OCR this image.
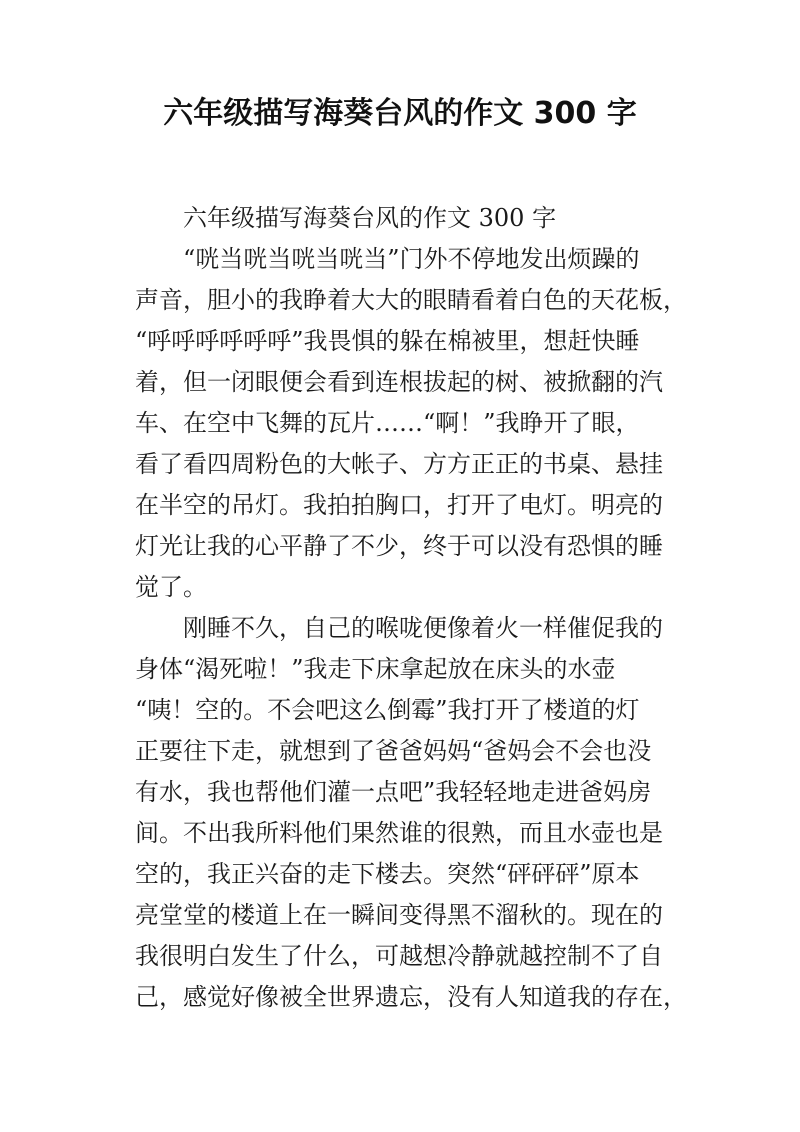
六年级描写海葵台风的作文 300 字
六年级描写海葵台风的作文 300 字
“咣当咣当咣当咣当”门外不停地发出烦躁的
声音，胆小的我睁着大大的眼睛看着白色的天花板，
“呼呼呼呼呼呼”我畏惧的躲在棉被里，想赶快睡
着，但一闭眼便会看到连根拔起的树、被掀翻的汽
车、在空中飞舞的瓦片……“啊！”我睁开了眼，
看了看四周粉色的大帐子、方方正正的书桌、悬挂
在半空的吊灯。我拍拍胸口，打开了电灯。明亮的
灯光让我的心平静了不少，终于可以没有恐惧的睡
觉了。
刚睡不久，自己的喉咙便像着火一样催促我的
身体“渴死啦！”我走下床拿起放在床头的水壶
“咦！空的。不会吧这么倒霉”我打开了楼道的灯
正要往下走，就想到了爸爸妈妈“爸妈会不会也没
有水，我也帮他们灌一点吧”我轻轻地走进爸妈房
间。不出我所料他们果然谁的很熟，而且水壶也是
空的，我正兴奋的走下楼去。突然“砰砰砰”原本
亮堂堂的楼道上在一瞬间变得黑不溜秋的。现在的
我很明白发生了什么，可越想冷静就越控制不了自
己，感觉好像被全世界遗忘，没有人知道我的存在，
